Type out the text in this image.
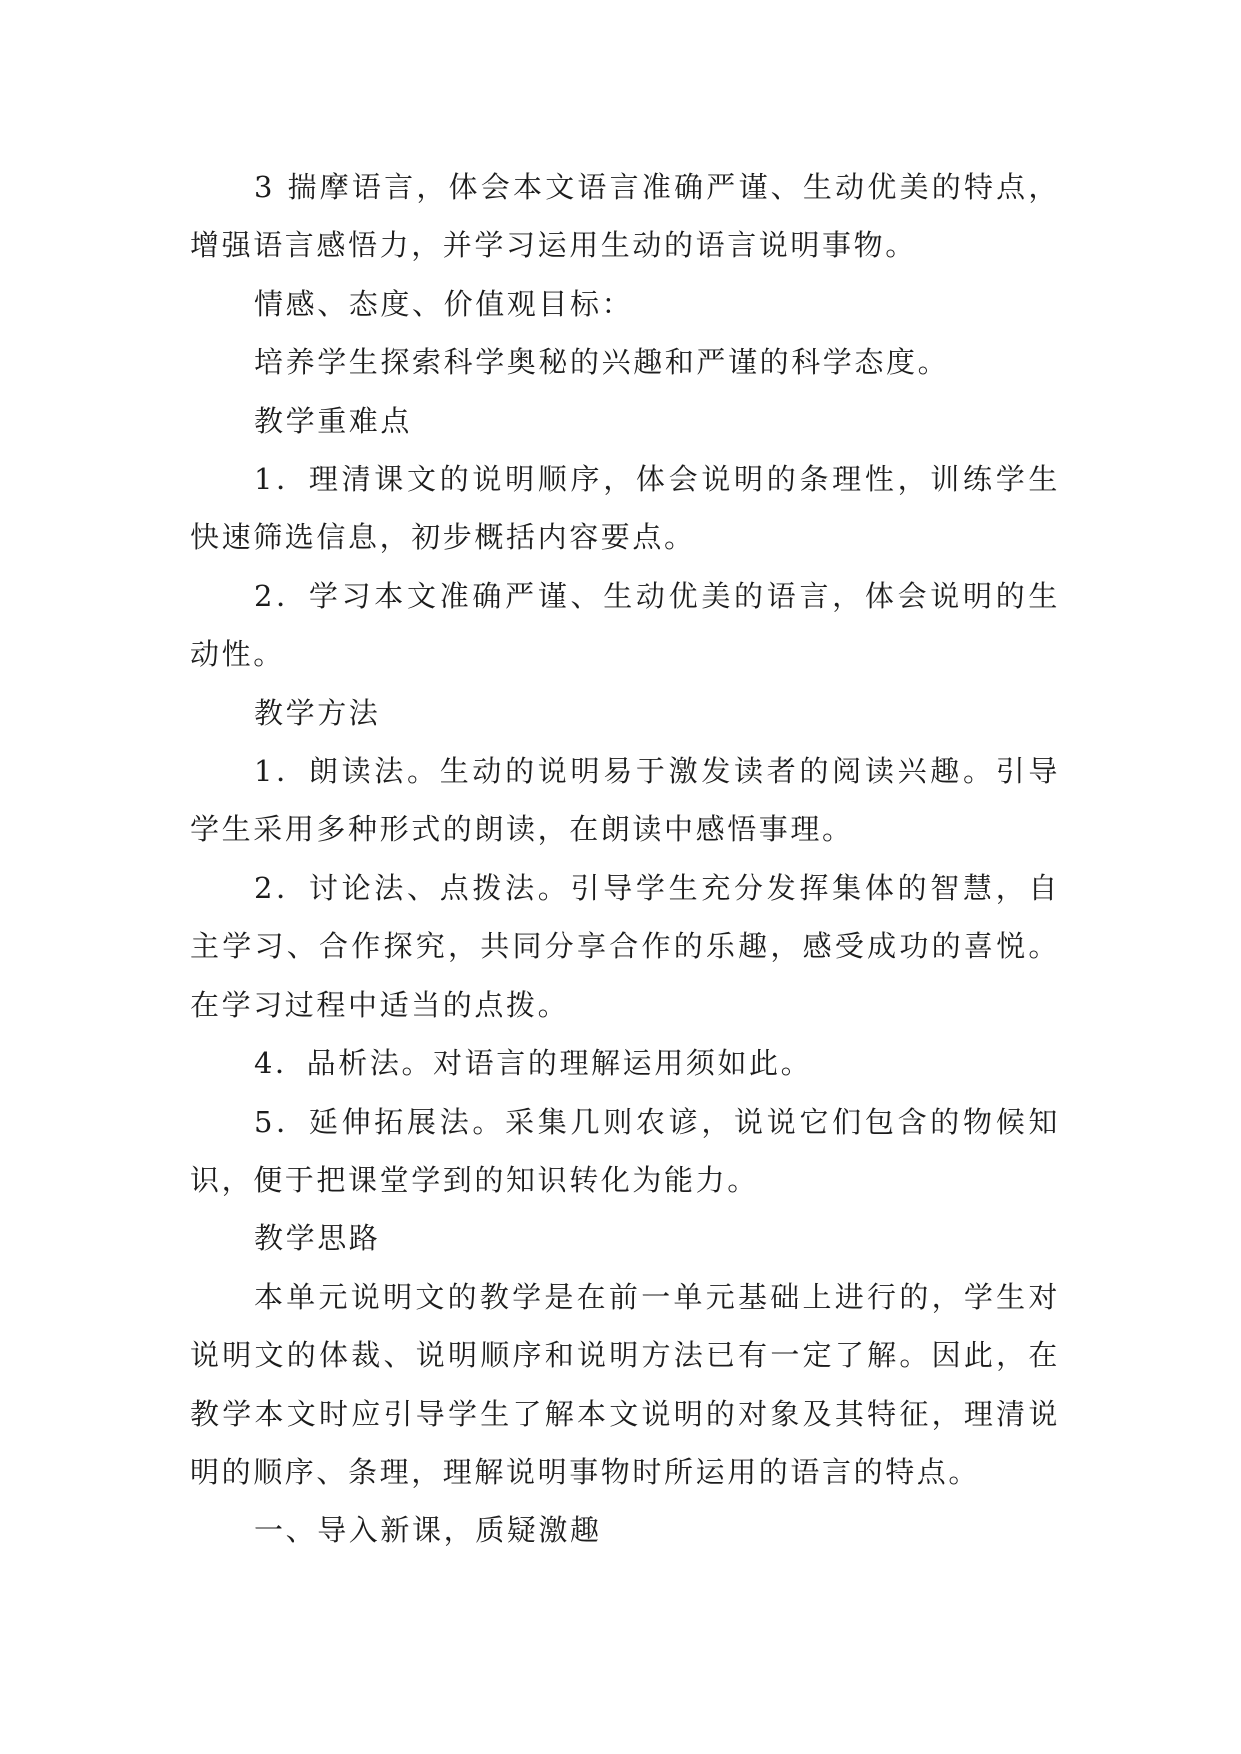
3 揣摩语言，体会本文语言准确严谨、生动优美的特点，增强语言感悟力，并学习运用生动的语言说明事物。

情感、态度、价值观目标：

培养学生探索科学奥秘的兴趣和严谨的科学态度。

教学重难点

1．理清课文的说明顺序，体会说明的条理性，训练学生快速筛选信息，初步概括内容要点。

2．学习本文准确严谨、生动优美的语言，体会说明的生动性。

教学方法

1．朗读法。生动的说明易于激发读者的阅读兴趣。引导学生采用多种形式的朗读，在朗读中感悟事理。

2．讨论法、点拨法。引导学生充分发挥集体的智慧，自主学习、合作探究，共同分享合作的乐趣，感受成功的喜悦。在学习过程中适当的点拨。

4．品析法。对语言的理解运用须如此。

5．延伸拓展法。采集几则农谚，说说它们包含的物候知识，便于把课堂学到的知识转化为能力。

教学思路

本单元说明文的教学是在前一单元基础上进行的，学生对说明文的体裁、说明顺序和说明方法已有一定了解。因此，在教学本文时应引导学生了解本文说明的对象及其特征，理清说明的顺序、条理，理解说明事物时所运用的语言的特点。

一、导入新课，质疑激趣
